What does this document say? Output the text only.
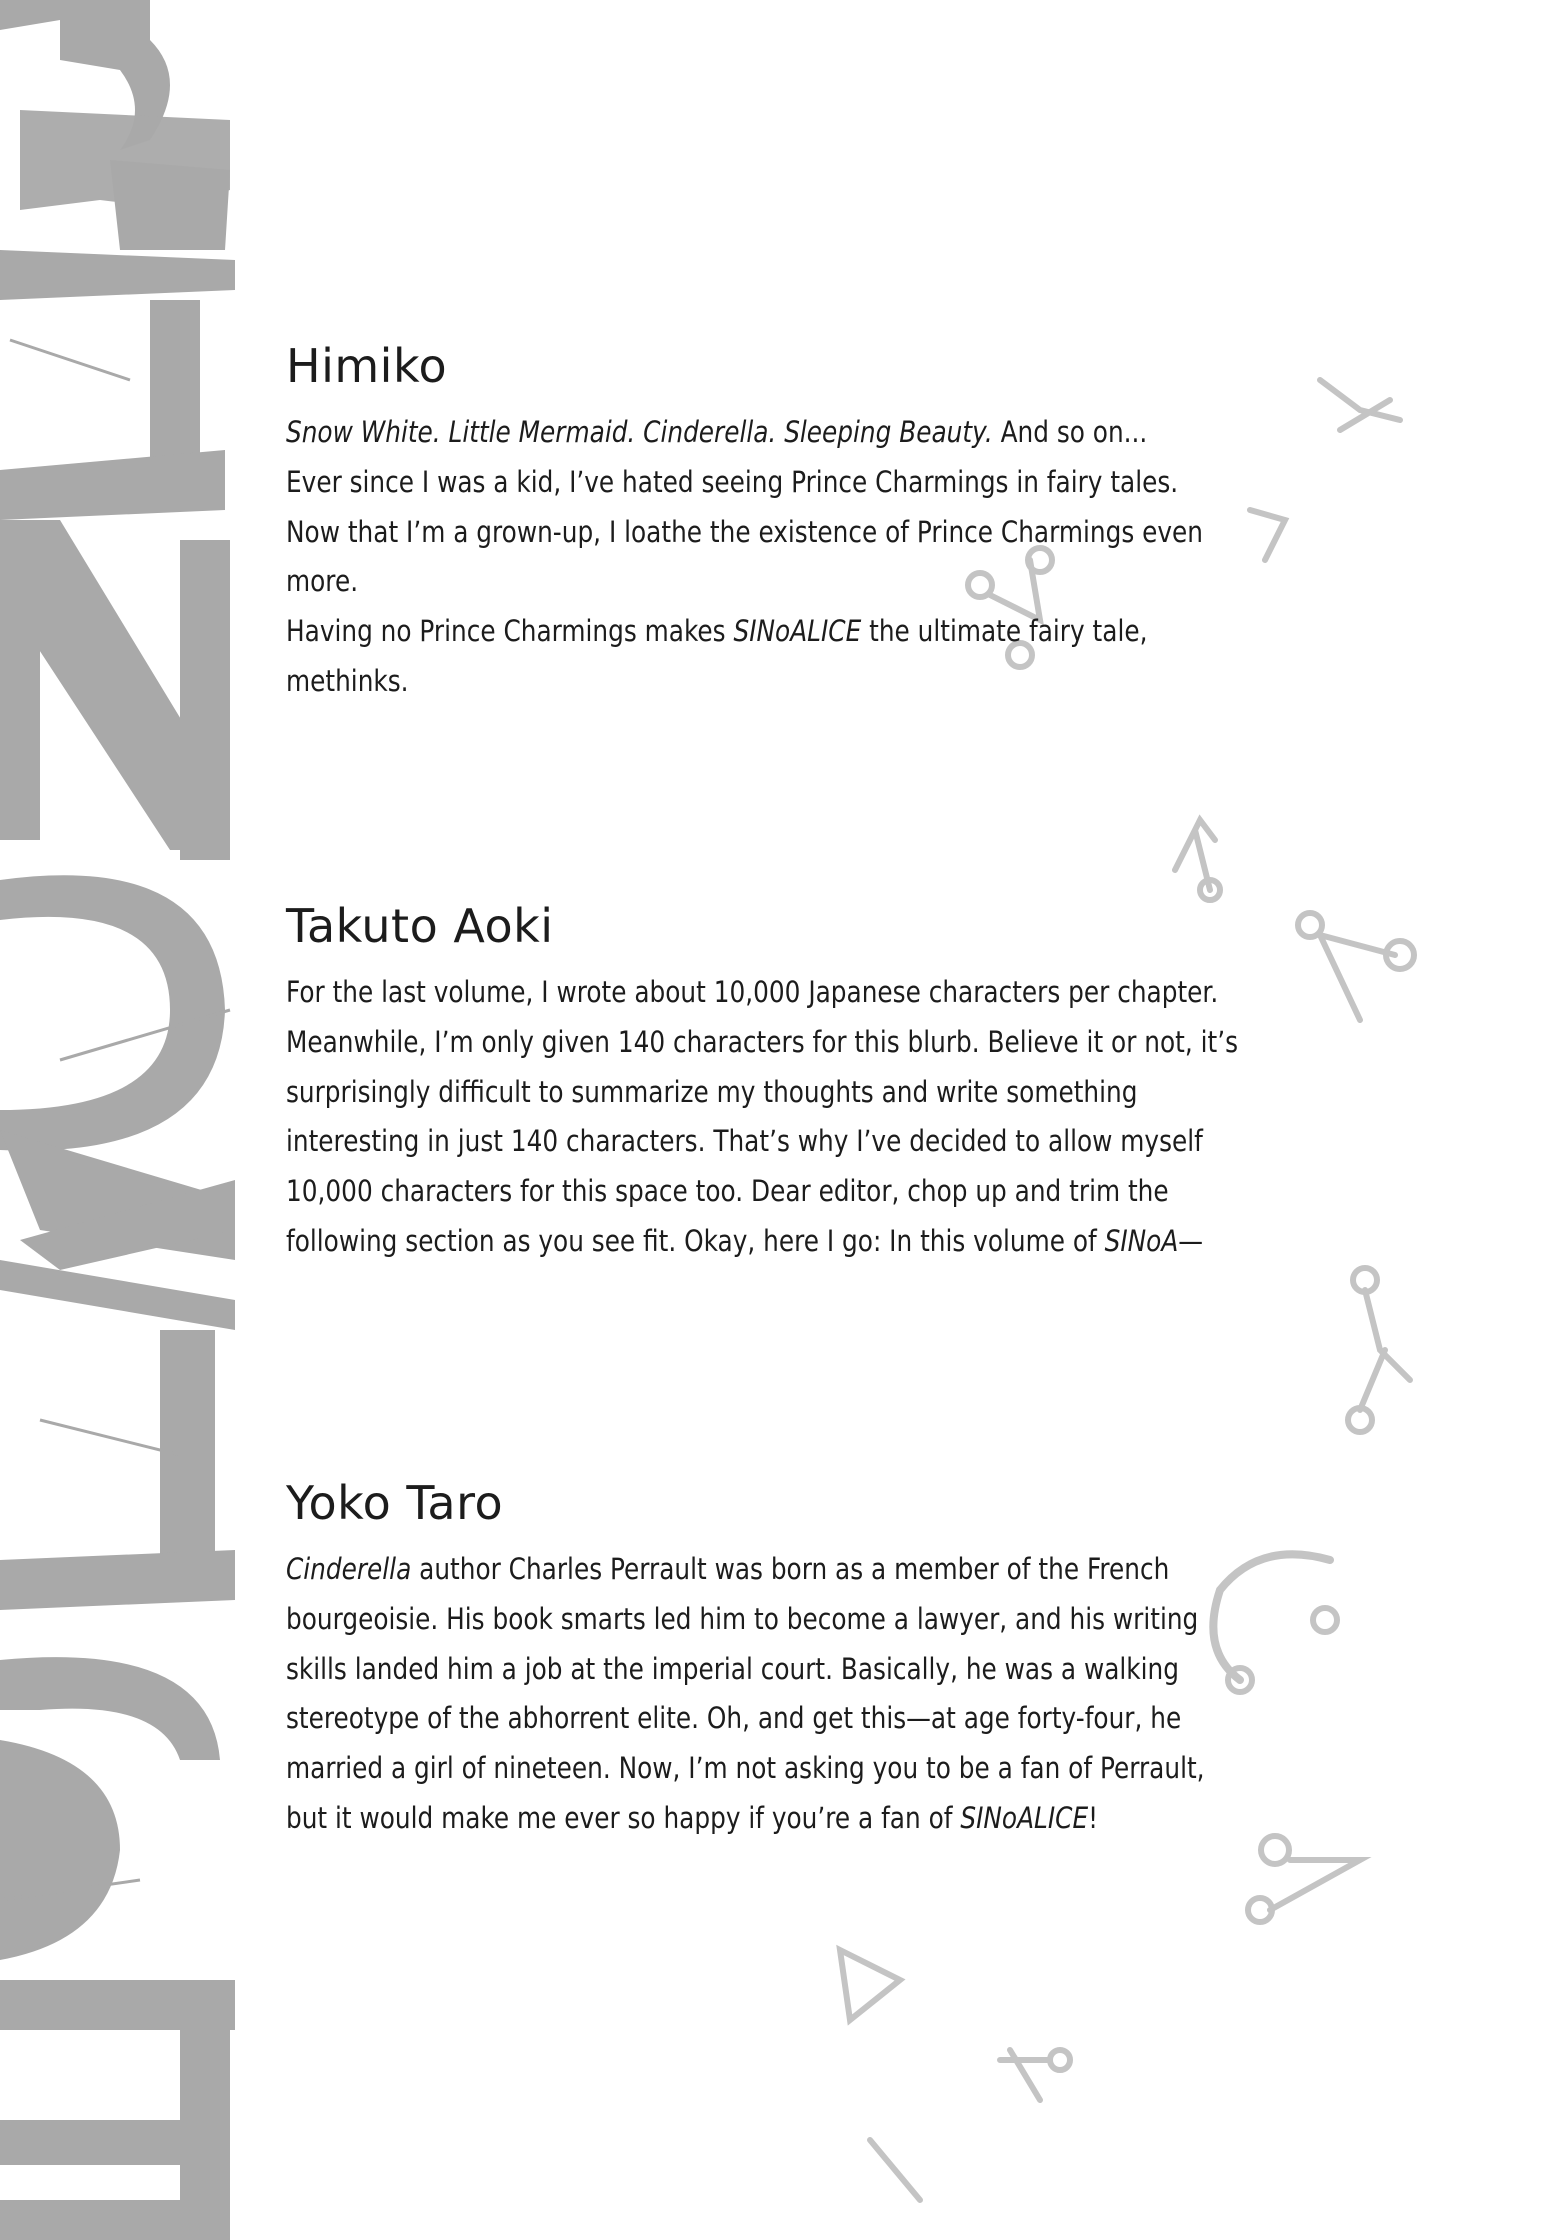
Himiko

Snow White. Little Mermaid. Cinderella. Sleeping Beauty. And so on...
Ever since I was a kid, I’ve hated seeing Prince Charmings in fairy tales.
Now that I’m a grown-up, I loathe the existence of Prince Charmings even more.
Having no Prince Charmings makes SINoALICE the ultimate fairy tale, methinks.

Takuto Aoki

For the last volume, I wrote about 10,000 Japanese characters per chapter. Meanwhile, I’m only given 140 characters for this blurb. Believe it or not, it’s surprisingly difficult to summarize my thoughts and write something interesting in just 140 characters. That’s why I’ve decided to allow myself 10,000 characters for this space too. Dear editor, chop up and trim the following section as you see fit. Okay, here I go: In this volume of SINoA—

Yoko Taro

Cinderella author Charles Perrault was born as a member of the French bourgeoisie. His book smarts led him to become a lawyer, and his writing skills landed him a job at the imperial court. Basically, he was a walking stereotype of the abhorrent elite. Oh, and get this—at age forty-four, he married a girl of nineteen. Now, I’m not asking you to be a fan of Perrault, but it would make me ever so happy if you’re a fan of SINoALICE!
